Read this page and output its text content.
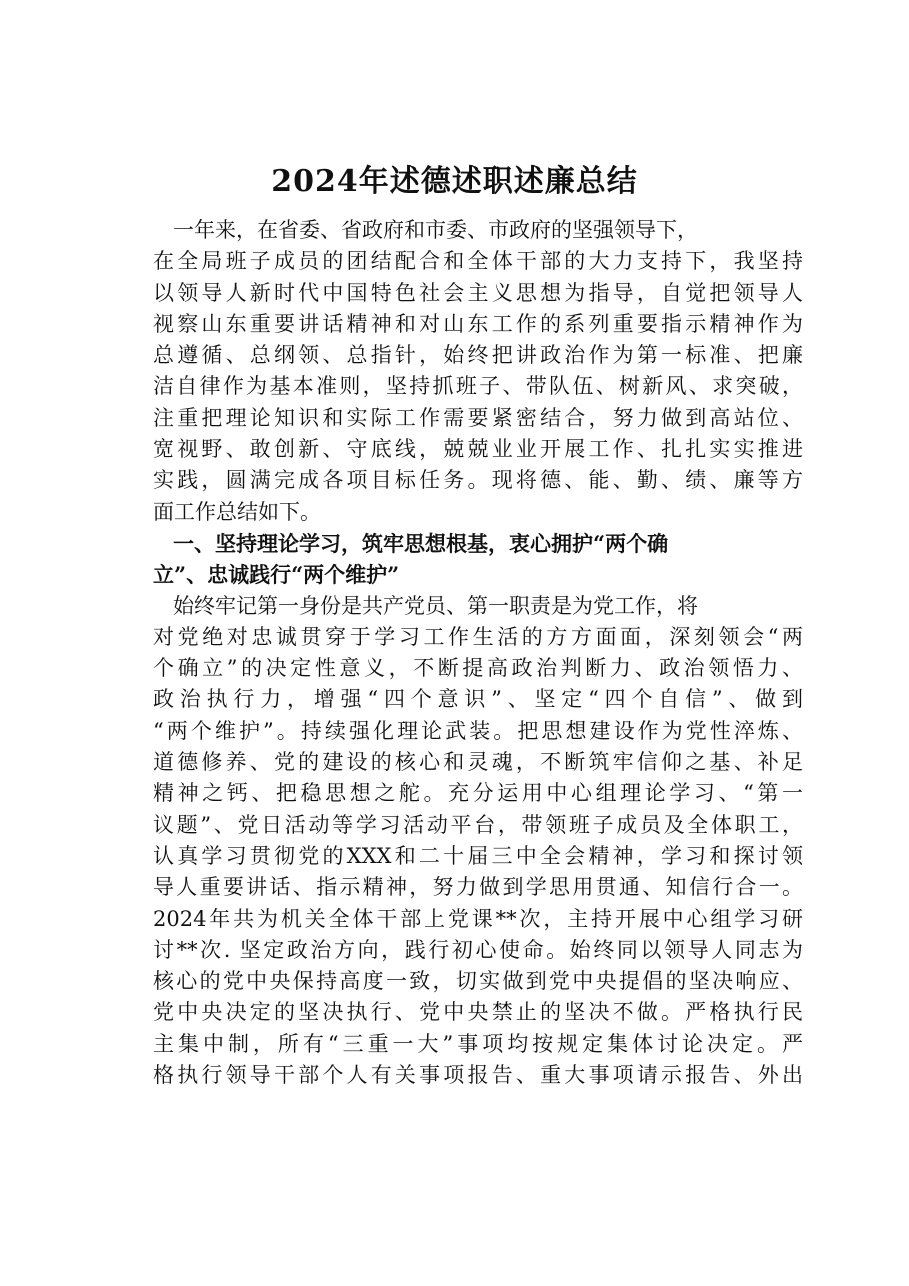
2024年述德述职述廉总结
一年来，在省委、省政府和市委、市政府的坚强领导下，
在全局班子成员的团结配合和全体干部的大力支持下，我坚持
以领导人新时代中国特色社会主义思想为指导，自觉把领导人
视察山东重要讲话精神和对山东工作的系列重要指示精神作为
总遵循、总纲领、总指针，始终把讲政治作为第一标准、把廉
洁自律作为基本准则，坚持抓班子、带队伍、树新风、求突破，
注重把理论知识和实际工作需要紧密结合，努力做到高站位、
宽视野、敢创新、守底线，兢兢业业开展工作、扎扎实实推进
实践，圆满完成各项目标任务。现将德、能、勤、绩、廉等方
面工作总结如下。
一、坚持理论学习，筑牢思想根基，衷心拥护“两个确
立”、忠诚践行“两个维护”
始终牢记第一身份是共产党员、第一职责是为党工作，将
对党绝对忠诚贯穿于学习工作生活的方方面面，深刻领会“两
个确立”的决定性意义，不断提高政治判断力、政治领悟力、
政治执行力，增强“四个意识”、坚定“四个自信”、做到
“两个维护”。持续强化理论武装。把思想建设作为党性淬炼、
道德修养、党的建设的核心和灵魂，不断筑牢信仰之基、补足
精神之钙、把稳思想之舵。充分运用中心组理论学习、“第一
议题”、党日活动等学习活动平台，带领班子成员及全体职工，
认真学习贯彻党的XXX和二十届三中全会精神，学习和探讨领
导人重要讲话、指示精神，努力做到学思用贯通、知信行合一。
2024年共为机关全体干部上党课**次，主持开展中心组学习研
讨**次. 坚定政治方向，践行初心使命。始终同以领导人同志为
核心的党中央保持高度一致，切实做到党中央提倡的坚决响应、
党中央决定的坚决执行、党中央禁止的坚决不做。严格执行民
主集中制，所有“三重一大”事项均按规定集体讨论决定。严
格执行领导干部个人有关事项报告、重大事项请示报告、外出
